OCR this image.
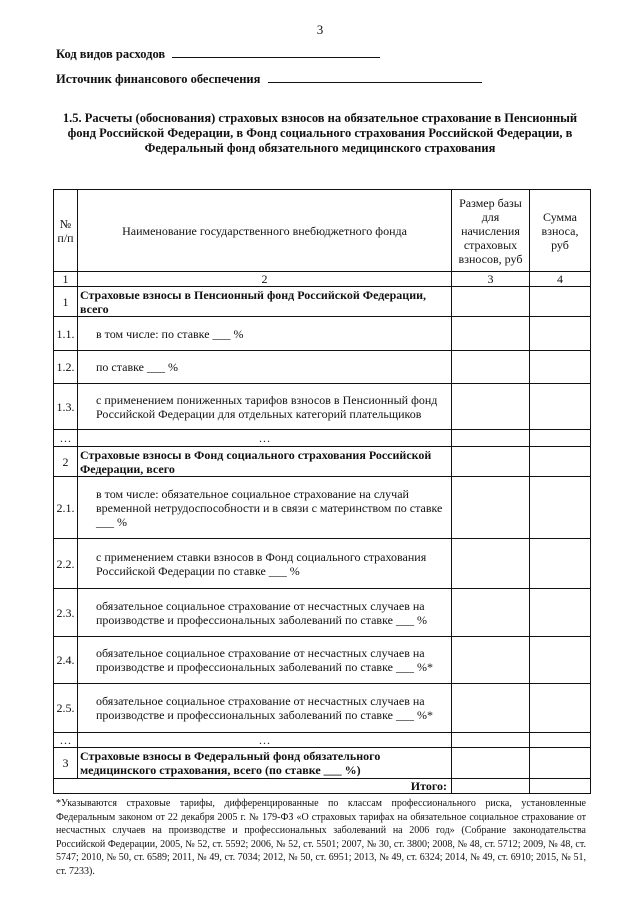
3
Код видов расходов
Источник финансового обеспечения
1.5. Расчеты (обоснования) страховых взносов на обязательное страхование в Пенсионный фонд Российской Федерации, в Фонд социального страхования Российской Федерации, в Федеральный фонд обязательного медицинского страхования
№ п/п	Наименование государственного внебюджетного фонда	Размер базы для начисления страховых взносов, руб	Сумма взноса, руб
1	2	3	4
1	Страховые взносы в Пенсионный фонд Российской Федерации, всего		
1.1.	в том числе: по ставке ___ %		
1.2.	по ставке ___ %		
1.3.	с применением пониженных тарифов взносов в Пенсионный фонд Российской Федерации для отдельных категорий плательщиков		
…	…		
2	Страховые взносы в Фонд социального страхования Российской Федерации, всего		
2.1.	в том числе: обязательное социальное страхование на случай временной нетрудоспособности и в связи с материнством по ставке ___ %		
2.2.	с применением ставки взносов в Фонд социального страхования Российской Федерации по ставке ___ %		
2.3.	обязательное социальное страхование от несчастных случаев на производстве и профессиональных заболеваний по ставке ___ %		
2.4.	обязательное социальное страхование от несчастных случаев на производстве и профессиональных заболеваний по ставке ___ %*		
2.5.	обязательное социальное страхование от несчастных случаев на производстве и профессиональных заболеваний по ставке ___ %*		
…	…		
3	Страховые взносы в Федеральный фонд обязательного медицинского страхования, всего (по ставке ___ %)		
Итого:			
*Указываются страховые тарифы, дифференцированные по классам профессионального риска, установленные Федеральным законом от 22 декабря 2005 г. № 179-ФЗ «О страховых тарифах на обязательное социальное страхование от несчастных случаев на производстве и профессиональных заболеваний на 2006 год» (Собрание законодательства Российской Федерации, 2005, № 52, ст. 5592; 2006, № 52, ст. 5501; 2007, № 30, ст. 3800; 2008, № 48, ст. 5712; 2009, № 48, ст. 5747; 2010, № 50, ст. 6589; 2011, № 49, ст. 7034; 2012, № 50, ст. 6951; 2013, № 49, ст. 6324; 2014, № 49, ст. 6910; 2015, № 51, ст. 7233).
